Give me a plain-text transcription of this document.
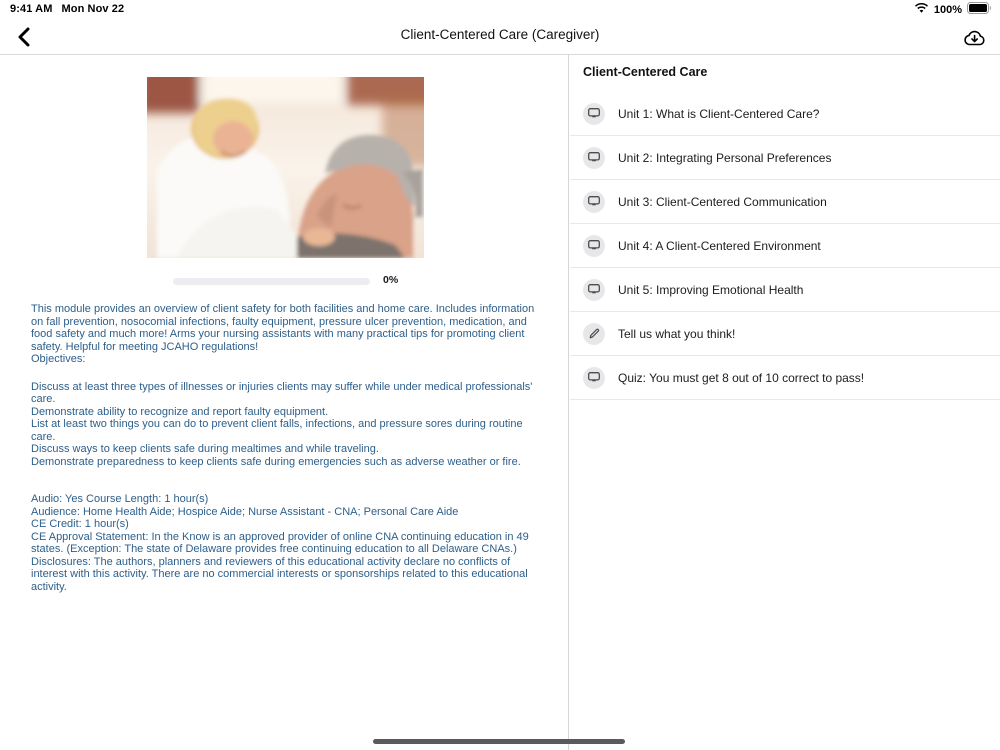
9:41 AM Mon Nov 22	100%
Client-Centered Care (Caregiver)
0%

This module provides an overview of client safety for both facilities and home care. Includes information on fall prevention, nosocomial infections, faulty equipment, pressure ulcer prevention, medication, and food safety and much more! Arms your nursing assistants with many practical tips for promoting client safety. Helpful for meeting JCAHO regulations!

Objectives:

Discuss at least three types of illnesses or injuries clients may suffer while under medical professionals' care.

Demonstrate ability to recognize and report faulty equipment.

List at least two things you can do to prevent client falls, infections, and pressure sores during routine care.

Discuss ways to keep clients safe during mealtimes and while traveling.

Demonstrate preparedness to keep clients safe during emergencies such as adverse weather or fire.

Audio: Yes Course Length: 1 hour(s)

Audience: Home Health Aide; Hospice Aide; Nurse Assistant - CNA; Personal Care Aide

CE Credit: 1 hour(s)

CE Approval Statement: In the Know is an approved provider of online CNA continuing education in 49 states. (Exception: The state of Delaware provides free continuing education to all Delaware CNAs.)

Disclosures: The authors, planners and reviewers of this educational activity declare no conflicts of interest with this activity. There are no commercial interests or sponsorships related to this educational activity.

Client-Centered Care
Unit 1: What is Client-Centered Care?
Unit 2: Integrating Personal Preferences
Unit 3: Client-Centered Communication
Unit 4: A Client-Centered Environment
Unit 5: Improving Emotional Health
Tell us what you think!
Quiz: You must get 8 out of 10 correct to pass!
